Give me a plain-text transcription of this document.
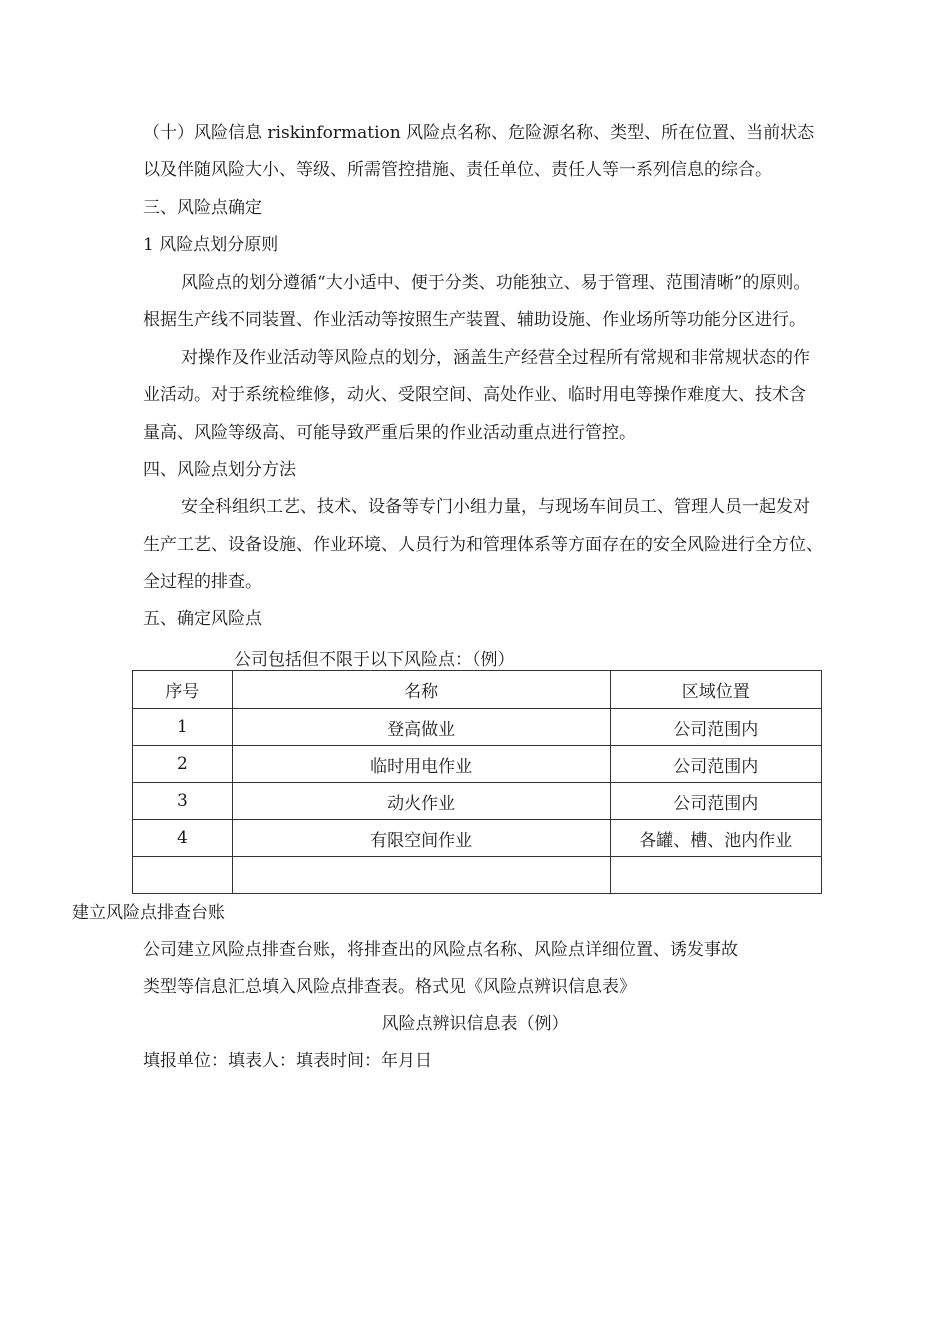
（十）风险信息 riskinformation 风险点名称、危险源名称、类型、所在位置、当前状态
以及伴随风险大小、等级、所需管控措施、责任单位、责任人等一系列信息的综合。
三、风险点确定
1 风险点划分原则
风险点的划分遵循“大小适中、便于分类、功能独立、易于管理、范围清晰”的原则。
根据生产线不同装置、作业活动等按照生产装置、辅助设施、作业场所等功能分区进行。
对操作及作业活动等风险点的划分，涵盖生产经营全过程所有常规和非常规状态的作
业活动。对于系统检维修，动火、受限空间、高处作业、临时用电等操作难度大、技术含
量高、风险等级高、可能导致严重后果的作业活动重点进行管控。
四、风险点划分方法
安全科组织工艺、技术、设备等专门小组力量，与现场车间员工、管理人员一起发对
生产工艺、设备设施、作业环境、人员行为和管理体系等方面存在的安全风险进行全方位、
全过程的排查。
五、确定风险点
公司包括但不限于以下风险点：（例）
序号	名称	区域位置
1	登高做业	公司范围内
2	临时用电作业	公司范围内
3	动火作业	公司范围内
4	有限空间作业	各罐、槽、池内作业

建立风险点排查台账
公司建立风险点排查台账，将排查出的风险点名称、风险点详细位置、诱发事故
类型等信息汇总填入风险点排查表。格式见《风险点辨识信息表》
风险点辨识信息表（例）
填报单位：填表人：填表时间：年月日
